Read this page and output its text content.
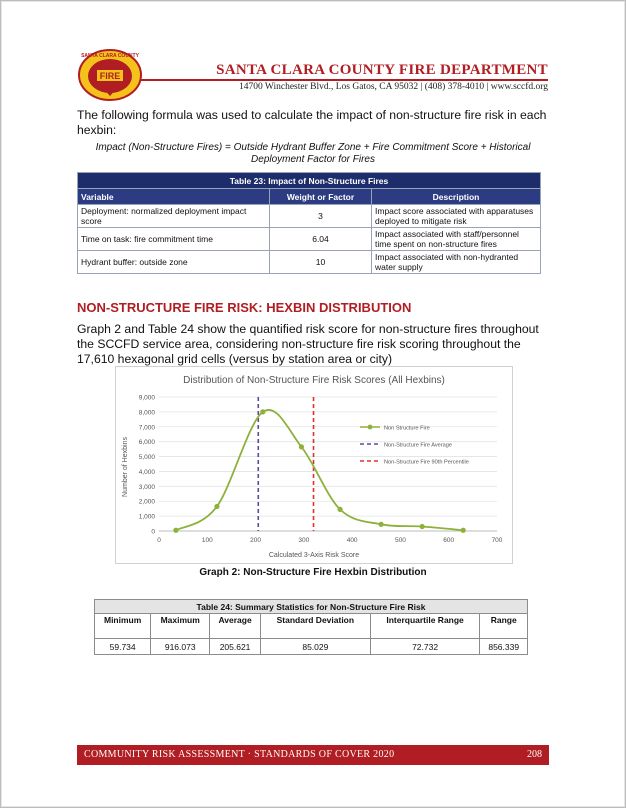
FIRE
SANTA CLARA COUNTY
SANTA CLARA COUNTY FIRE DEPARTMENT
14700 Winchester Blvd., Los Gatos, CA 95032 | (408) 378-4010 | www.sccfd.org
The following formula was used to calculate the impact of non-structure fire risk in each hexbin:
Impact (Non-Structure Fires) = Outside Hydrant Buffer Zone + Fire Commitment Score + Historical Deployment Factor for Fires
Table 23: Impact of Non-Structure Fires		
Variable	Weight or Factor	Description
Deployment: normalized deployment impact score	3	Impact score associated with apparatuses deployed to mitigate risk
Time on task: fire commitment time	6.04	Impact associated with staff/personnel time spent on non-structure fires
Hydrant buffer: outside zone	10	Impact associated with non-hydranted water supply
NON-STRUCTURE FIRE RISK: HEXBIN DISTRIBUTION
Graph 2 and Table 24 show the quantified risk score for non-structure fires throughout the SCCFD service area, considering non-structure fire risk scoring throughout the 17,610 hexagonal grid cells (versus by station area or city)
Distribution of Non-Structure Fire Risk Scores (All Hexbins)
Number of Hexbins
Calculated 3-Axis Risk Score
0
1,000
2,000
3,000
4,000
5,000
6,000
7,000
8,000
9,000
0	100	200	300	400	500	600	700
Non Structure Fire
Non-Structure Fire Average
Non-Structure Fire 90th Percentile
Graph 2: Non-Structure Fire Hexbin Distribution
Table 24: Summary Statistics for Non-Structure Fire Risk					
Minimum	Maximum	Average	Standard Deviation	Interquartile Range	Range
59.734	916.073	205.621	85.029	72.732	856.339
COMMUNITY RISK ASSESSMENT · STANDARDS OF COVER 2020	208
